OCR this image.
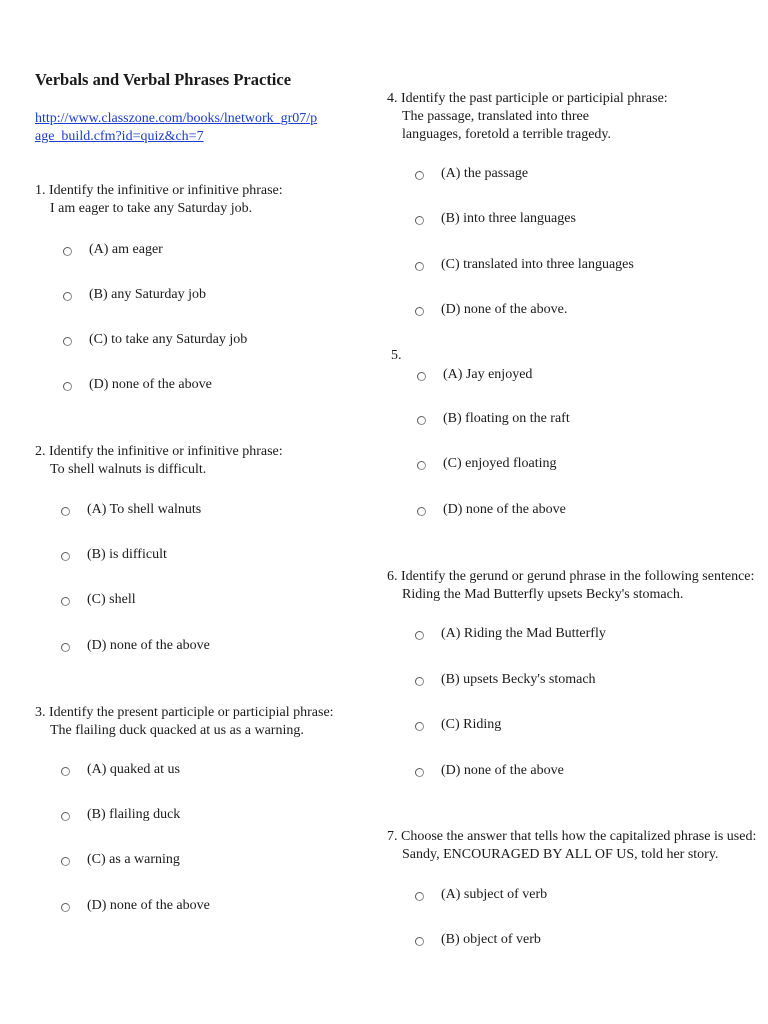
Verbals and Verbal Phrases Practice
http://www.classzone.com/books/lnetwork_gr07/p
age_build.cfm?id=quiz&ch=7
1. Identify the infinitive or infinitive phrase:
I am eager to take any Saturday job.
(A) am eager
(B) any Saturday job
(C) to take any Saturday job
(D) none of the above
2. Identify the infinitive or infinitive phrase:
To shell walnuts is difficult.
(A) To shell walnuts
(B) is difficult
(C) shell
(D) none of the above
3. Identify the present participle or participial phrase:
The flailing duck quacked at us as a warning.
(A) quaked at us
(B) flailing duck
(C) as a warning
(D) none of the above
4. Identify the past participle or participial phrase:
The passage, translated into three
languages, foretold a terrible tragedy.
(A) the passage
(B) into three languages
(C) translated into three languages
(D) none of the above.
5.
(A) Jay enjoyed
(B) floating on the raft
(C) enjoyed floating
(D) none of the above
6. Identify the gerund or gerund phrase in the following sentence:
Riding the Mad Butterfly upsets Becky's stomach.
(A) Riding the Mad Butterfly
(B) upsets Becky's stomach
(C) Riding
(D) none of the above
7. Choose the answer that tells how the capitalized phrase is used:
Sandy, ENCOURAGED BY ALL OF US, told her story.
(A) subject of verb
(B) object of verb
